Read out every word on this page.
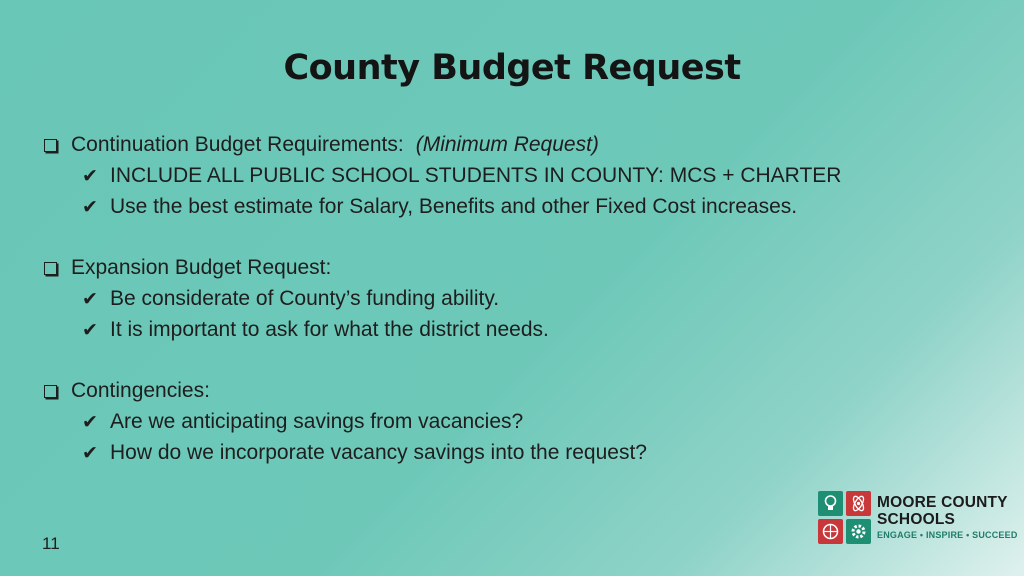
County Budget Request
Continuation Budget Requirements: (Minimum Request)
✔ INCLUDE ALL PUBLIC SCHOOL STUDENTS IN COUNTY: MCS + CHARTER
✔ Use the best estimate for Salary, Benefits and other Fixed Cost increases.
Expansion Budget Request:
✔ Be considerate of County’s funding ability.
✔ It is important to ask for what the district needs.
Contingencies:
✔ Are we anticipating savings from vacancies?
✔ How do we incorporate vacancy savings into the request?
11
MOORE COUNTY
SCHOOLS
ENGAGE • INSPIRE • SUCCEED
